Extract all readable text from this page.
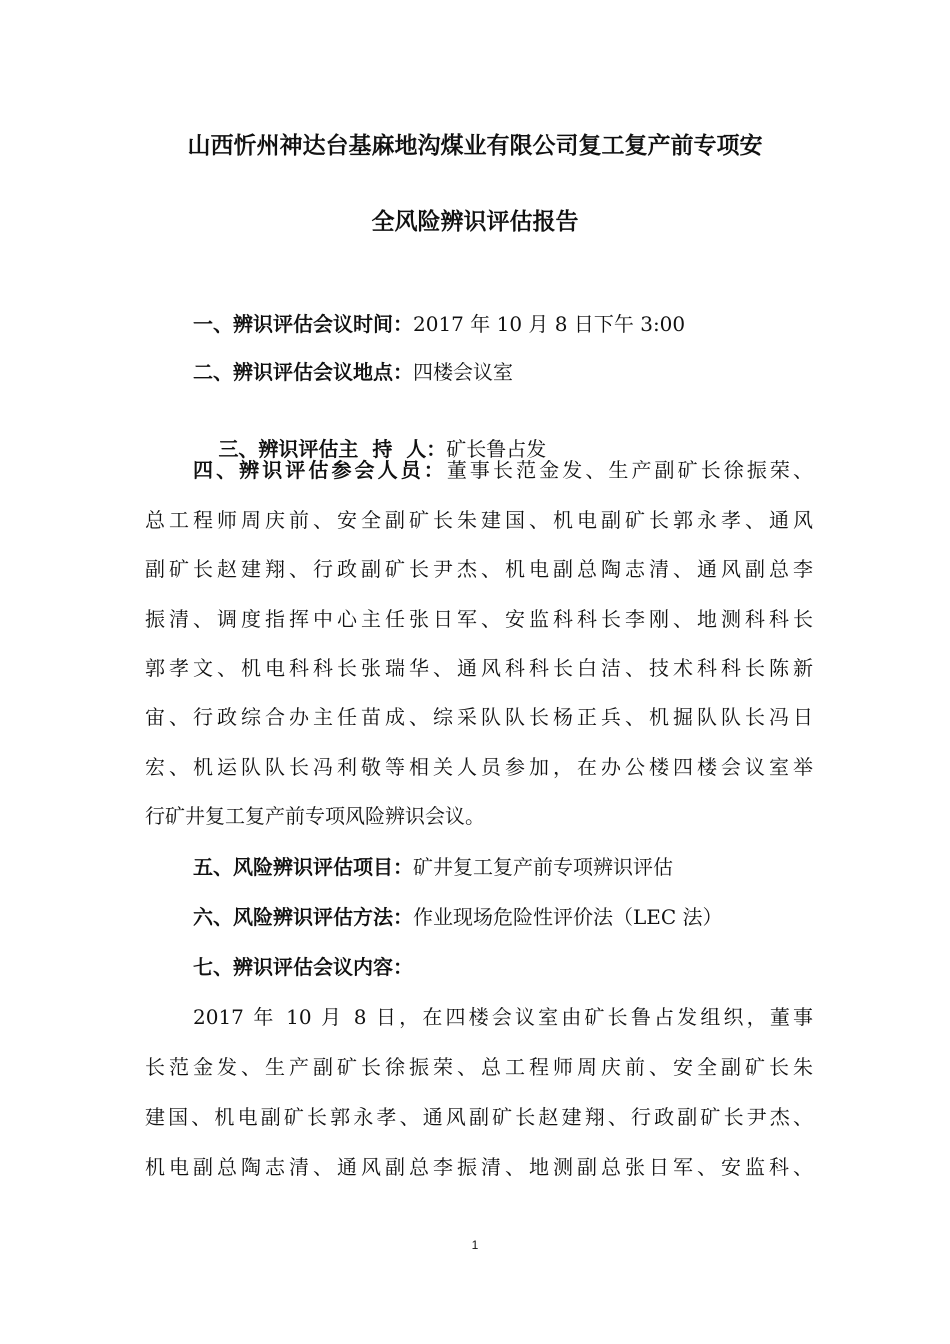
山西忻州神达台基麻地沟煤业有限公司复工复产前专项安
全风险辨识评估报告
一、辨识评估会议时间：2017 年 10 月 8 日下午 3:00
二、辨识评估会议地点：四楼会议室

三、辨识评估主  持  人：矿长鲁占发

四、辨识评估参会人员：董事长范金发、生产副矿长徐振荣、
总工程师周庆前、安全副矿长朱建国、机电副矿长郭永孝、通风
副矿长赵建翔、行政副矿长尹杰、机电副总陶志清、通风副总李
振清、调度指挥中心主任张日军、安监科科长李刚、地测科科长
郭孝文、机电科科长张瑞华、通风科科长白洁、技术科科长陈新
宙、行政综合办主任苗成、综采队队长杨正兵、机掘队队长冯日
宏、机运队队长冯利敬等相关人员参加，在办公楼四楼会议室举
行矿井复工复产前专项风险辨识会议。
五、风险辨识评估项目：矿井复工复产前专项辨识评估
六、风险辨识评估方法：作业现场危险性评价法（LEC 法）
七、辨识评估会议内容：
2017 年 10 月 8 日，在四楼会议室由矿长鲁占发组织，董事
长范金发、生产副矿长徐振荣、总工程师周庆前、安全副矿长朱
建国、机电副矿长郭永孝、通风副矿长赵建翔、行政副矿长尹杰、
机电副总陶志清、通风副总李振清、地测副总张日军、安监科、
1
